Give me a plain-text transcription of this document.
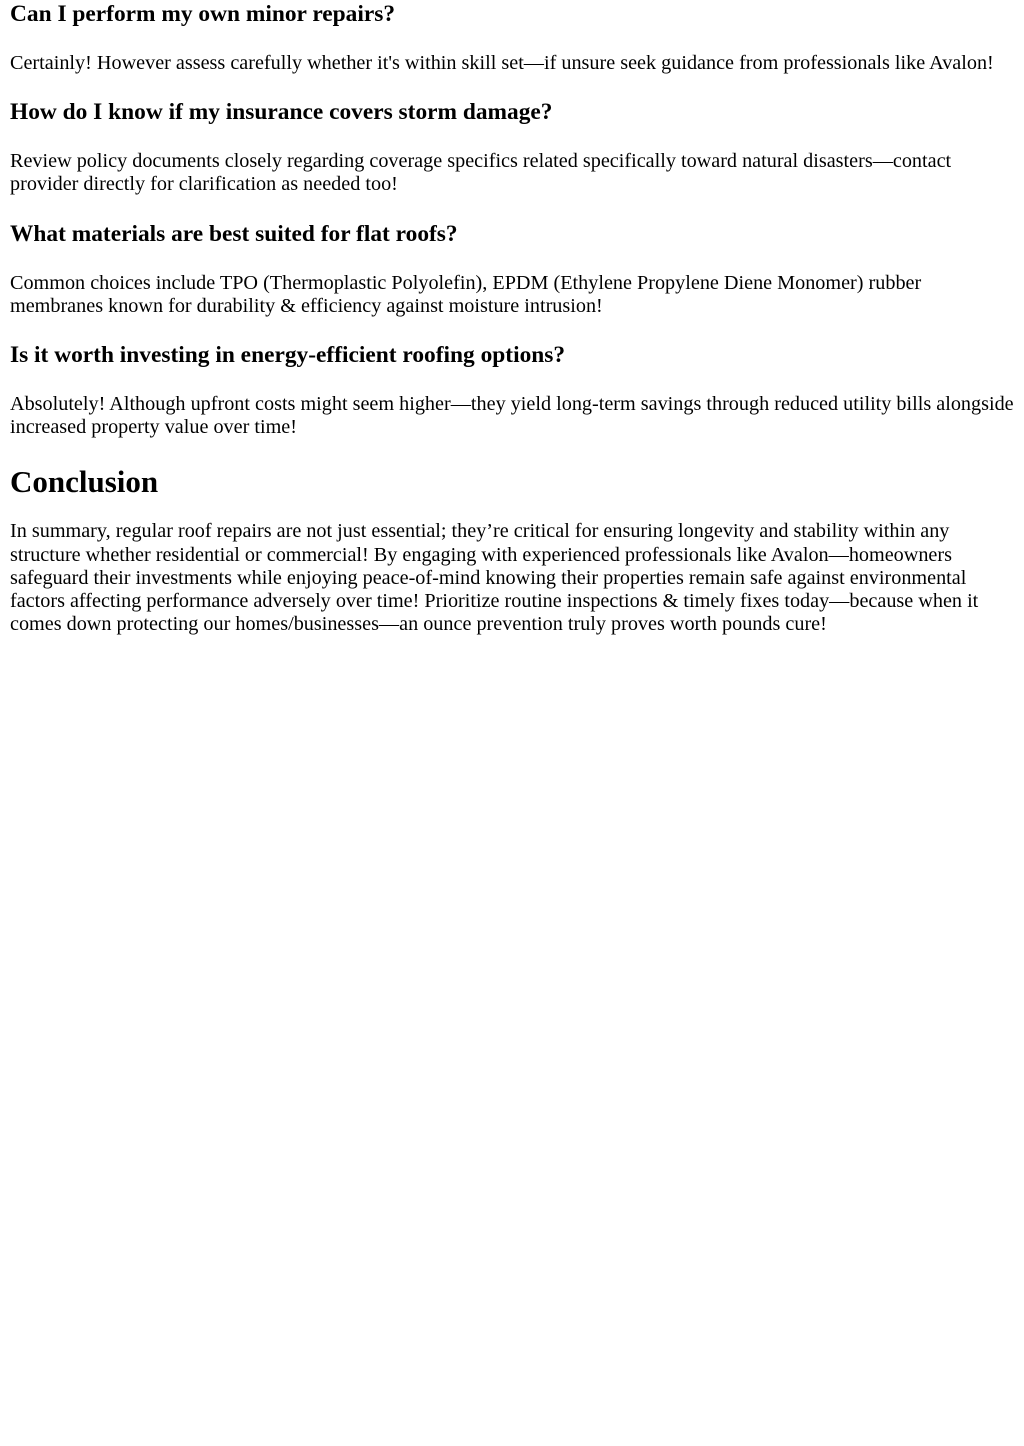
Can I perform my own minor repairs?

Certainly! However assess carefully whether it's within skill set—if unsure seek guidance from professionals like Avalon!

How do I know if my insurance covers storm damage?

Review policy documents closely regarding coverage specifics related specifically toward natural disasters—contact provider directly for clarification as needed too!

What materials are best suited for flat roofs?

Common choices include TPO (Thermoplastic Polyolefin), EPDM (Ethylene Propylene Diene Monomer) rubber membranes known for durability & efficiency against moisture intrusion!

Is it worth investing in energy-efficient roofing options?

Absolutely! Although upfront costs might seem higher—they yield long-term savings through reduced utility bills alongside increased property value over time!

Conclusion

In summary, regular roof repairs are not just essential; they’re critical for ensuring longevity and stability within any structure whether residential or commercial! By engaging with experienced professionals like Avalon—homeowners safeguard their investments while enjoying peace-of-mind knowing their properties remain safe against environmental factors affecting performance adversely over time! Prioritize routine inspections & timely fixes today—because when it comes down protecting our homes/businesses—an ounce prevention truly proves worth pounds cure!
